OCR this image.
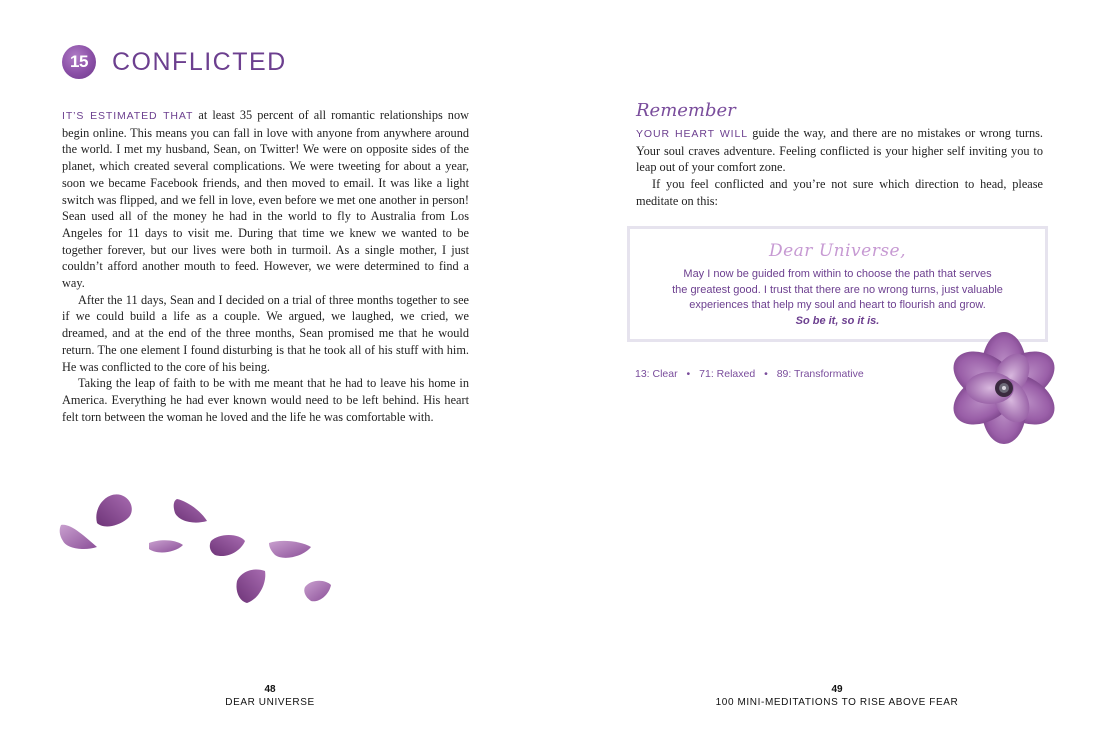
15 CONFLICTED

IT’S ESTIMATED THAT at least 35 percent of all romantic relationships now begin online. This means you can fall in love with anyone from anywhere around the world. I met my husband, Sean, on Twitter! We were on opposite sides of the planet, which created several complications. We were tweeting for about a year, soon we became Facebook friends, and then moved to email. It was like a light switch was flipped, and we fell in love, even before we met one another in person! Sean used all of the money he had in the world to fly to Australia from Los Angeles for 11 days to visit me. During that time we knew we wanted to be together forever, but our lives were both in turmoil. As a single mother, I just couldn’t afford another mouth to feed. However, we were determined to find a way.

After the 11 days, Sean and I decided on a trial of three months together to see if we could build a life as a couple. We argued, we laughed, we cried, we dreamed, and at the end of the three months, Sean promised me that he would return. The one element I found disturbing is that he took all of his stuff with him. He was conflicted to the core of his being.

Taking the leap of faith to be with me meant that he had to leave his home in America. Everything he had ever known would need to be left behind. His heart felt torn between the woman he loved and the life he was comfortable with.

48
DEAR UNIVERSE
Remember

YOUR HEART WILL guide the way, and there are no mistakes or wrong turns. Your soul craves adventure. Feeling conflicted is your higher self inviting you to leap out of your comfort zone.

If you feel conflicted and you’re not sure which direction to head, please meditate on this:

Dear Universe,
May I now be guided from within to choose the path that serves
the greatest good. I trust that there are no wrong turns, just valuable
experiences that help my soul and heart to flourish and grow.
So be it, so it is.
13: Clear • 71: Relaxed • 89: Transformative
49
100 MINI-MEDITATIONS TO RISE ABOVE FEAR
